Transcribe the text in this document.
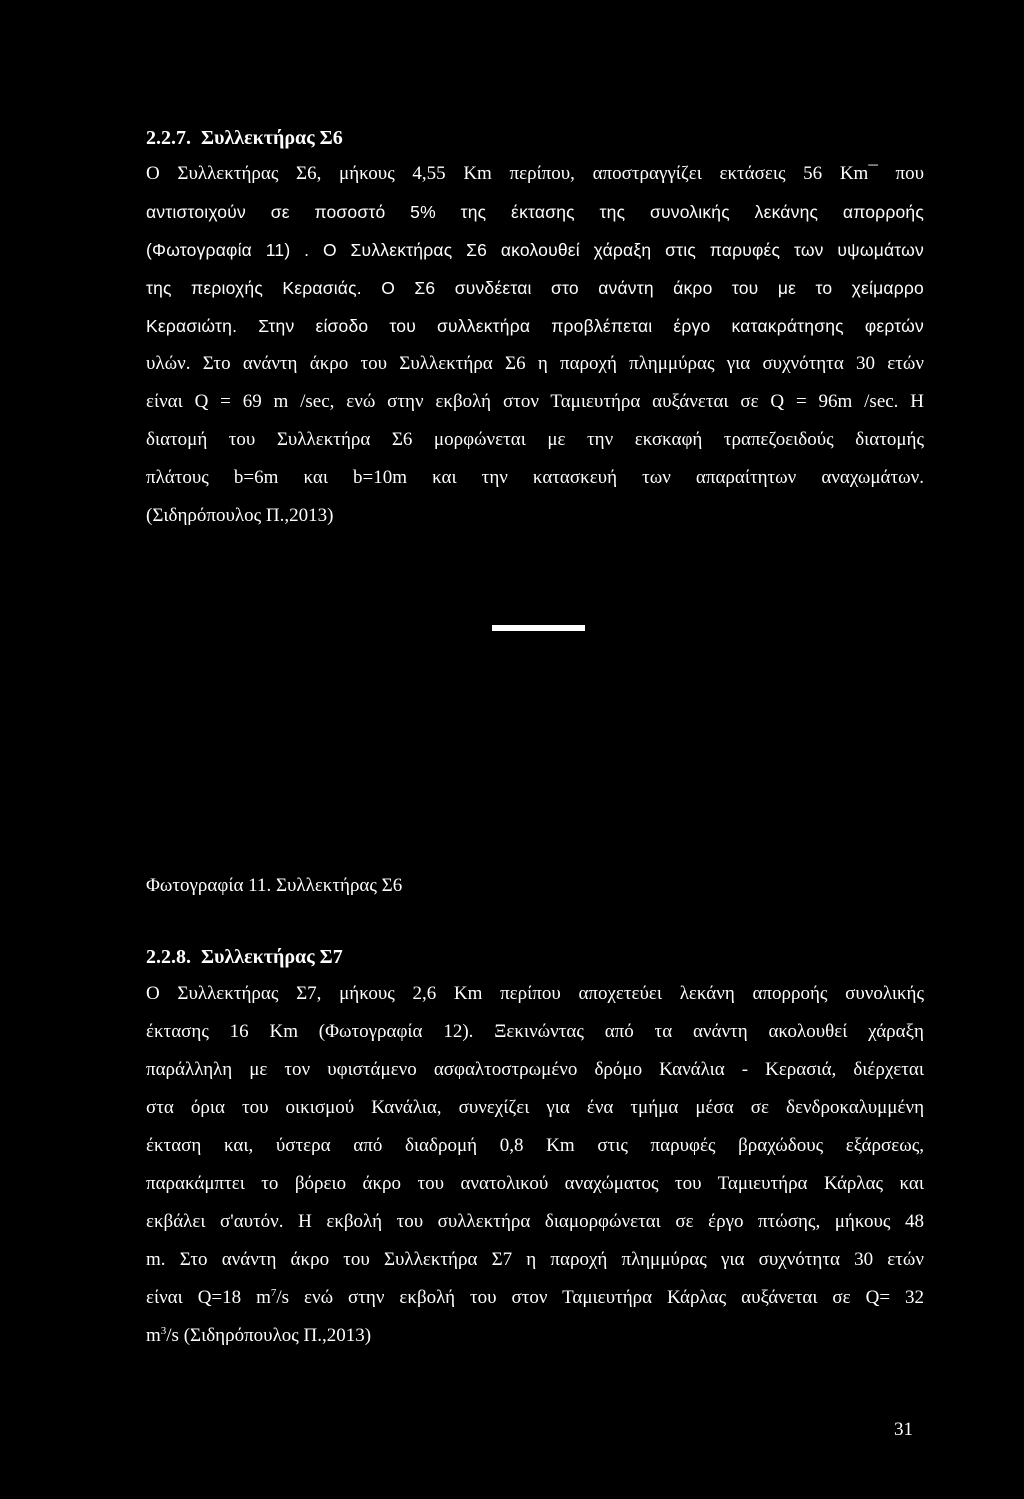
2.2.7. Συλλεκτήρας Σ6
Ο Συλλεκτήρας Σ6, μήκους 4,55 Km περίπου, αποστραγγίζει εκτάσεις 56 Km¯ που
αντιστοιχούν σε ποσοστό 5% της έκτασης της συνολικής λεκάνης απορροής
(Φωτογραφία 11) . Ο Συλλεκτήρας Σ6 ακολουθεί χάραξη στις παρυφές των υψωμάτων
της περιοχής Κερασιάς. Ο Σ6 συνδέεται στο ανάντη άκρο του με το χείμαρρο
Κερασιώτη. Στην είσοδο του συλλεκτήρα προβλέπεται έργο κατακράτησης φερτών
υλών. Στο ανάντη άκρο του Συλλεκτήρα Σ6 η παροχή πλημμύρας για συχνότητα 30 ετών
είναι Q = 69 m /sec, ενώ στην εκβολή στον Ταμιευτήρα αυξάνεται σε Q = 96m /sec. Η
διατομή του Συλλεκτήρα Σ6 μορφώνεται με την εκσκαφή τραπεζοειδούς διατομής
πλάτους b=6m και b=10m και την κατασκευή των απαραίτητων αναχωμάτων.
(Σιδηρόπουλος Π.,2013)
Φωτογραφία 11. Συλλεκτήρας Σ6
2.2.8. Συλλεκτήρας Σ7
Ο Συλλεκτήρας Σ7, μήκους 2,6 Km περίπου αποχετεύει λεκάνη απορροής συνολικής
έκτασης 16 Km (Φωτογραφία 12). Ξεκινώντας από τα ανάντη ακολουθεί χάραξη
παράλληλη με τον υφιστάμενο ασφαλτοστρωμένο δρόμο Κανάλια - Κερασιά, διέρχεται
στα όρια του οικισμού Κανάλια, συνεχίζει για ένα τμήμα μέσα σε δενδροκαλυμμένη
έκταση και, ύστερα από διαδρομή 0,8 Km στις παρυφές βραχώδους εξάρσεως,
παρακάμπτει το βόρειο άκρο του ανατολικού αναχώματος του Ταμιευτήρα Κάρλας και
εκβάλει σ'αυτόν. Η εκβολή του συλλεκτήρα διαμορφώνεται σε έργο πτώσης, μήκους 48
m. Στο ανάντη άκρο του Συλλεκτήρα Σ7 η παροχή πλημμύρας για συχνότητα 30 ετών
είναι Q=18 $m^7/s$ ενώ στην εκβολή του στον Ταμιευτήρα Κάρλας αυξάνεται σε Q= 32
$m^3/s$ (Σιδηρόπουλος Π.,2013)
31
